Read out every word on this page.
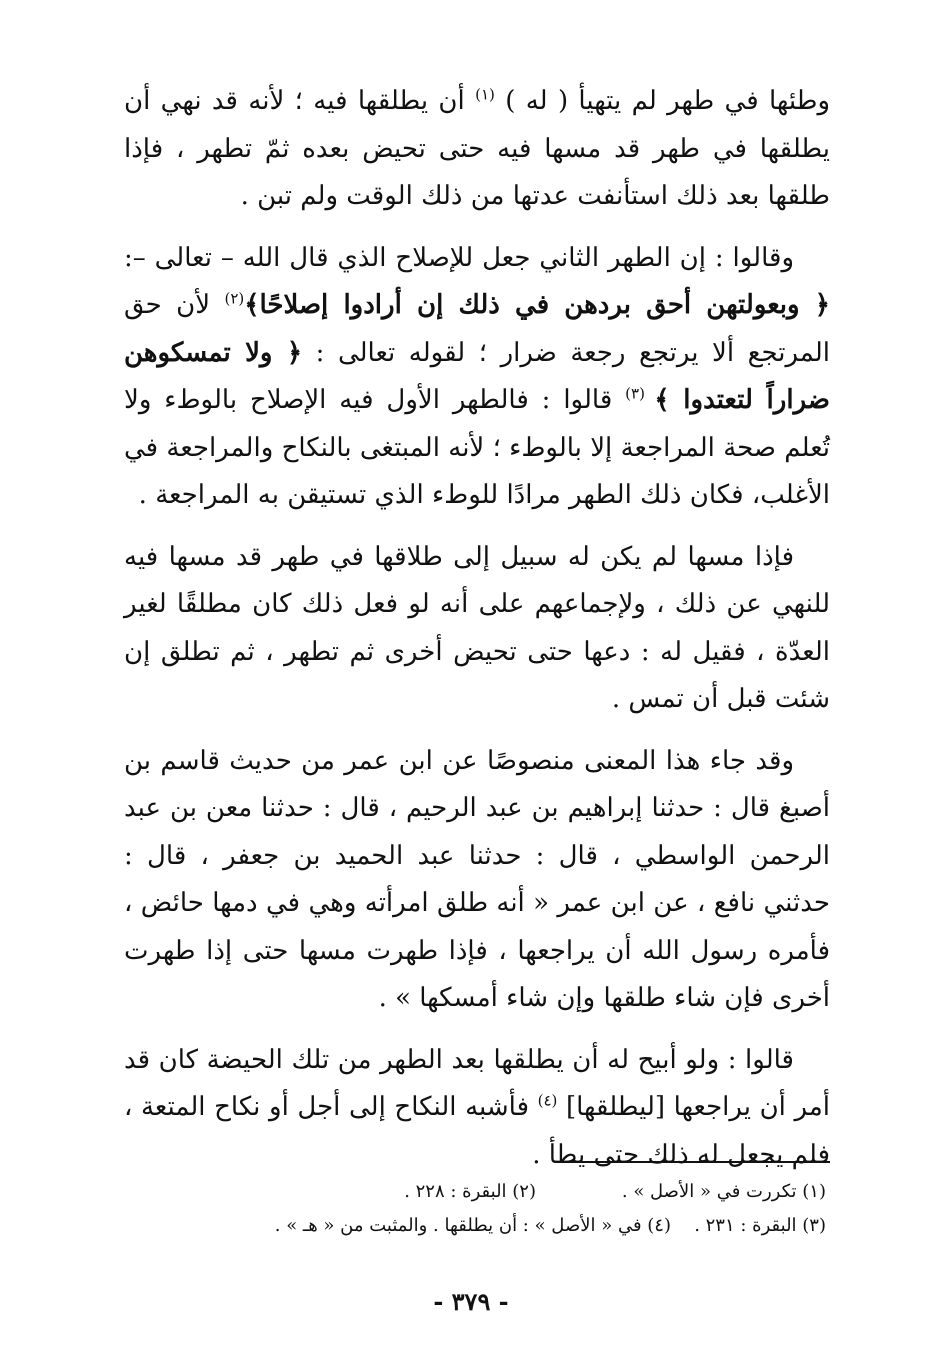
وطئها في طهر لم يتهيأ ( له ) $^{(١)}$ أن يطلقها فيه ؛ لأنه قد نهي أن يطلقها في طهر قد مسها فيه حتى تحيض بعده ثمّ تطهر ، فإذا طلقها بعد ذلك استأنفت عدتها من ذلك الوقت ولم تبن .

وقالوا : إن الطهر الثاني جعل للإصلاح الذي قال الله – تعالى –: ﴿ وبعولتهن أحق بردهن في ذلك إن أرادوا إصلاحًا﴾$^{(٢)}$ لأن حق المرتجع ألا يرتجع رجعة ضرار ؛ لقوله تعالى : ﴿ ولا تمسكوهن ضراراً لتعتدوا ﴾ $^{(٣)}$ قالوا : فالطهر الأول فيه الإصلاح بالوطء ولا تُعلم صحة المراجعة إلا بالوطء ؛ لأنه المبتغى بالنكاح والمراجعة في الأغلب، فكان ذلك الطهر مرادًا للوطء الذي تستيقن به المراجعة .

فإذا مسها لم يكن له سبيل إلى طلاقها في طهر قد مسها فيه للنهي عن ذلك ، ولإجماعهم على أنه لو فعل ذلك كان مطلقًا لغير العدّة ، فقيل له : دعها حتى تحيض أخرى ثم تطهر ، ثم تطلق إن شئت قبل أن تمس .

وقد جاء هذا المعنى منصوصًا عن ابن عمر من حديث قاسم بن أصبغ قال : حدثنا إبراهيم بن عبد الرحيم ، قال : حدثنا معن بن عبد الرحمن الواسطي ، قال : حدثنا عبد الحميد بن جعفر ، قال : حدثني نافع ، عن ابن عمر « أنه طلق امرأته وهي في دمها حائض ، فأمره رسول الله أن يراجعها ، فإذا طهرت مسها حتى إذا طهرت أخرى فإن شاء طلقها وإن شاء أمسكها » .

قالوا : ولو أبيح له أن يطلقها بعد الطهر من تلك الحيضة كان قد أمر أن يراجعها [ليطلقها] $^{(٤)}$ فأشبه النكاح إلى أجل أو نكاح المتعة ، فلم يجعل له ذلك حتى يطأ .

(١) تكررت في « الأصل » .
(٢) البقرة : ٢٢٨ .
(٣) البقرة : ٢٣١ .
(٤) في « الأصل » : أن يطلقها . والمثبت من « هـ » .
- ٣٧٩ -
